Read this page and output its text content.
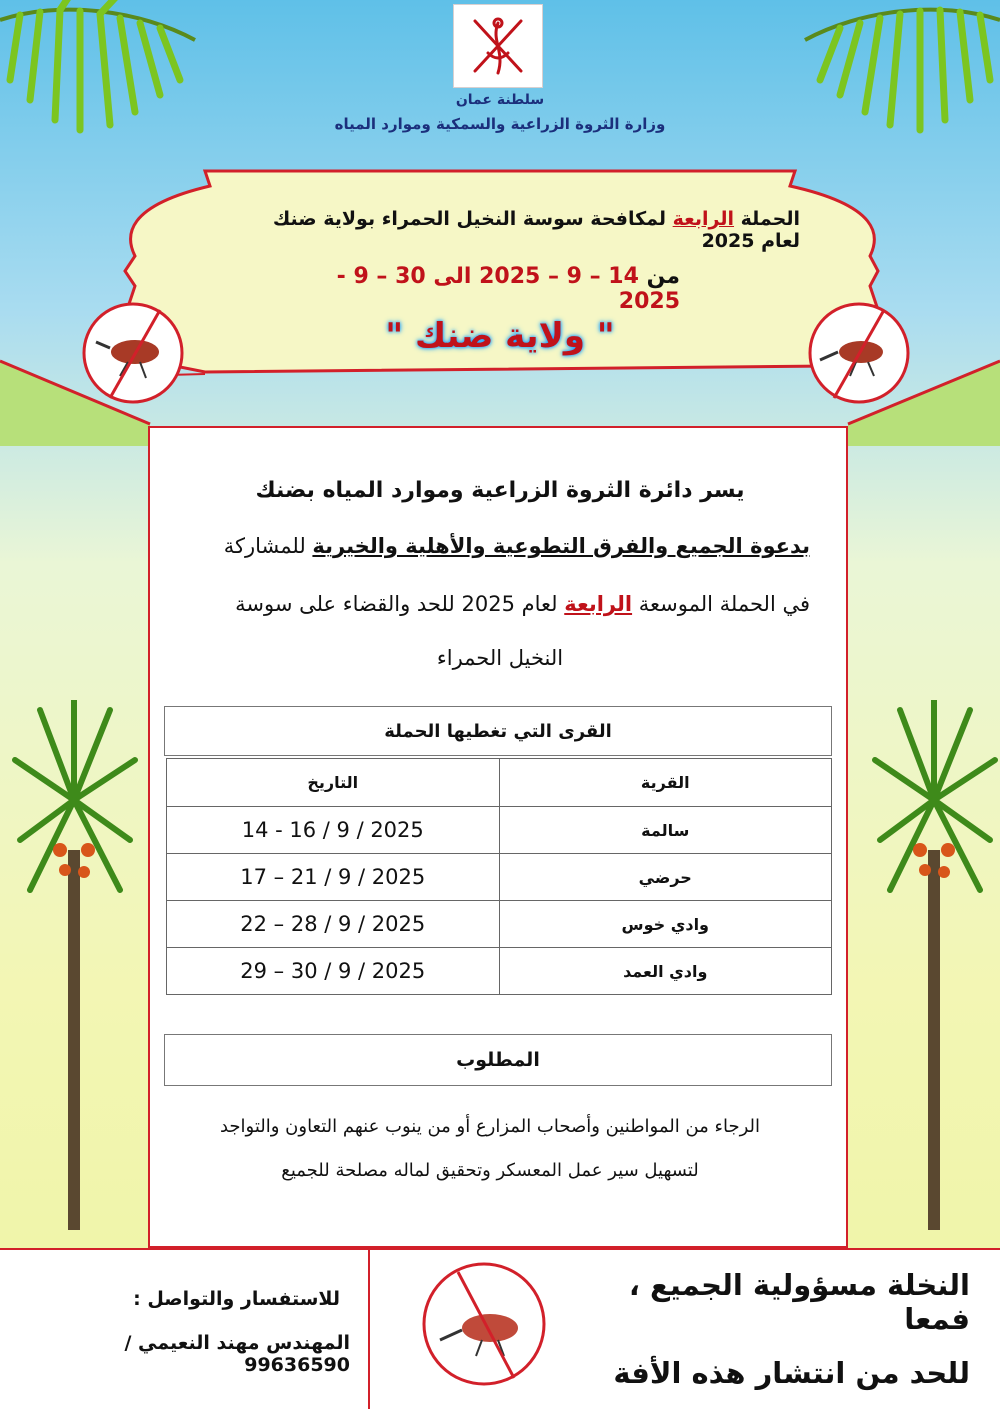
سلطنة عمان
وزارة الثروة الزراعية والسمكية وموارد المياه
الحملة الرابعة لمكافحة سوسة النخيل الحمراء بولاية ضنك لعام 2025
من 14 – 9 – 2025 الى 30 – 9 - 2025
" ولاية ضنك "
يسر دائرة الثروة الزراعية وموارد المياه بضنك
بدعوة الجميع والفرق التطوعية والأهلية والخيرية للمشاركة
في الحملة الموسعة الرابعة لعام 2025 للحد والقضاء على سوسة
النخيل الحمراء
القرى التي تغطيها الحملة
القرية	التاريخ
سالمة	14 - 16 / 9 / 2025
حرضي	17 – 21 / 9 / 2025
وادي خوس	22 – 28 / 9 / 2025
وادي العمد	29 – 30 / 9 / 2025
المطلوب
الرجاء من المواطنين وأصحاب المزارع أو من ينوب عنهم التعاون والتواجد
لتسهيل سير عمل المعسكر وتحقيق لماله مصلحة للجميع
النخلة مسؤولية الجميع ، فمعا
للحد من انتشار هذه الأفة
للاستفسار والتواصل :
المهندس مهند النعيمي / 99636590
